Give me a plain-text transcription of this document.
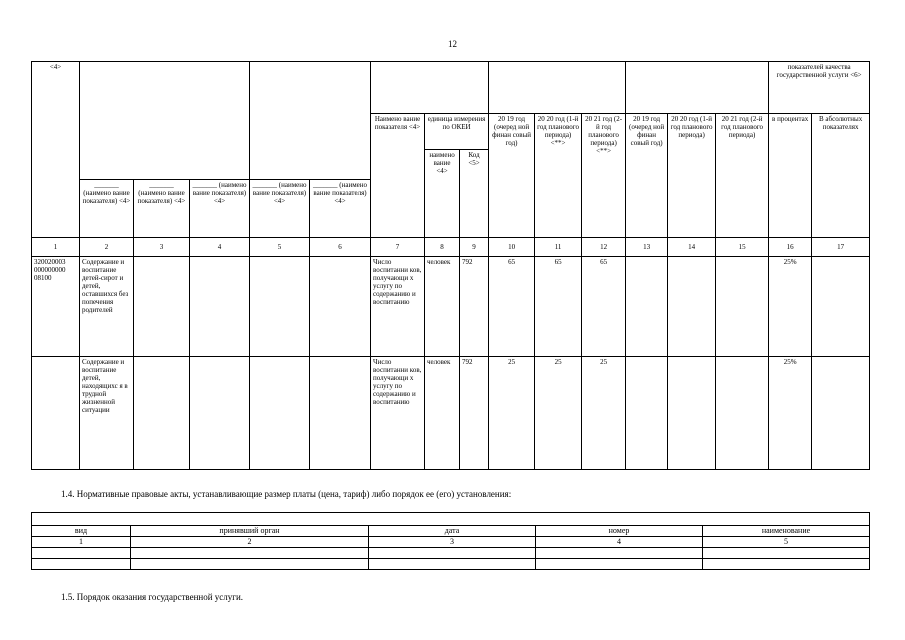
12
<4>															показателей качества государственной услуги <6>	
						Наимено вание показателя <4>	единица измерения по ОКЕИ		20 19 год (очеред ной финан совый год)	20 20 год (1-й год планового периода) <**>	20 21 год (2-й год планового периода) <**>	20 19 год (очеред ной финан совый год)	20 20 год (1-й год планового периода)	20 21 год (2-й год планового периода)	в процентах	В абсолютных показателях
							наимено вание <4>	Код <5>								
	_______ (наимено вание показателя) <4>	_______ (наимено вание показателя) <4>	_______ (наимено вание показателя) <4>	_______ (наимено вание показателя) <4>	_______ (наимено вание показателя) <4>											
1	2	3	4	5	6	7	8	9	10	11	12	13	14	15	16	17
320020003 000000000 08100	Содержание и воспитание детей-сирот и детей, оставшихся без попечения родителей					Число воспитанни ков, получающи х услугу по содержанию и воспитанию	человек	792	65	65	65				25%	
	Содержание и воспитание детей, находящихс я в трудной жизненной ситуации					Число воспитанни ков, получающи х услугу по содержанию и воспитанию	человек	792	25	25	25				25%	
1.4. Нормативные правовые акты, устанавливающие размер платы (цена, тариф) либо порядок ее (его) установления:

вид	принявший орган	дата	номер	наименование
1	2	3	4	5

1.5. Порядок оказания государственной услуги.
